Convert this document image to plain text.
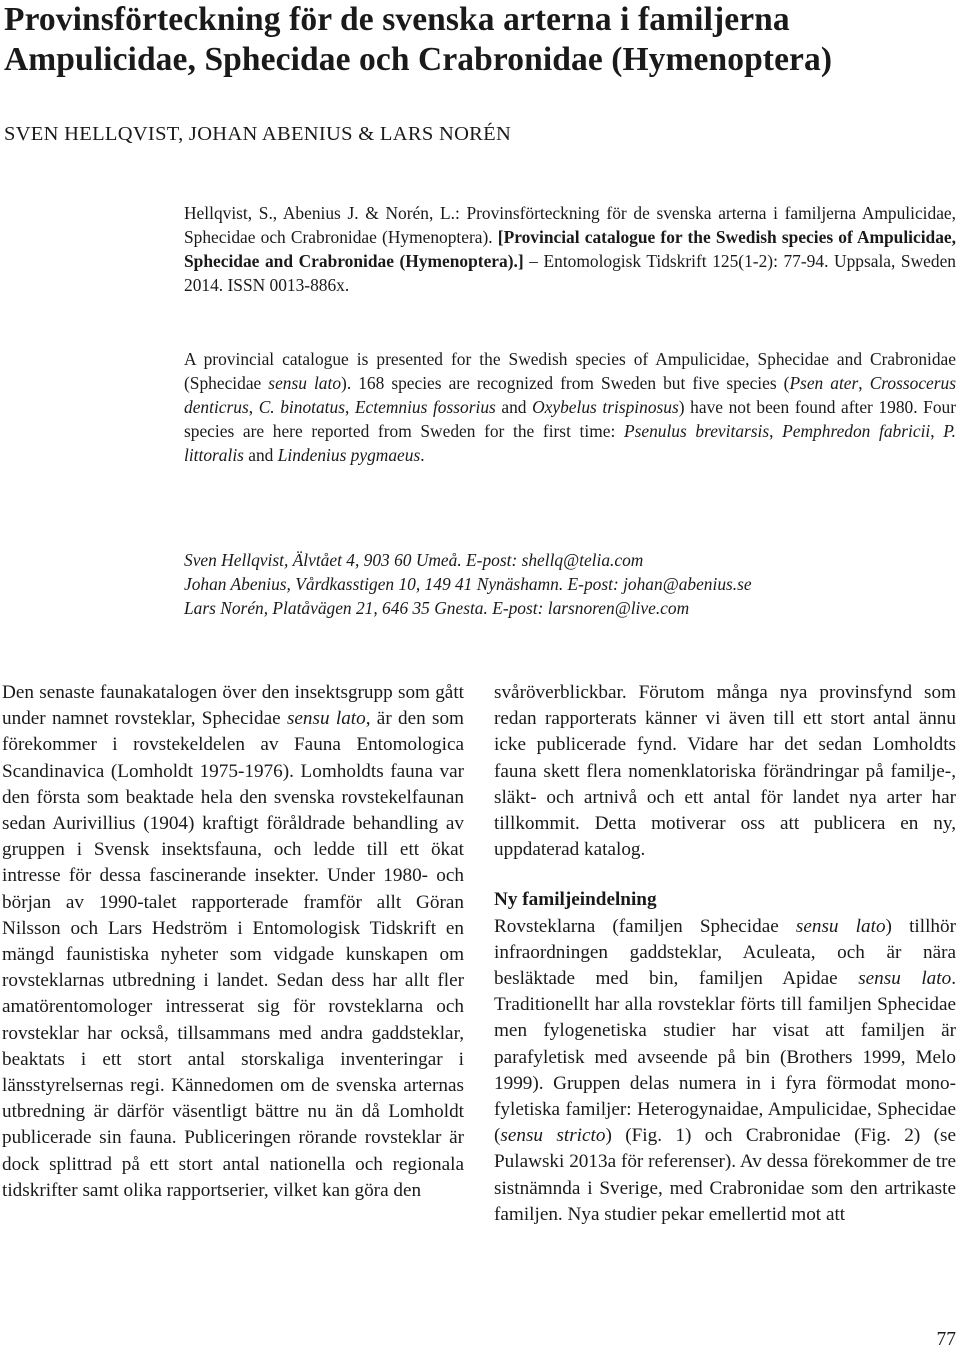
Provinsförteckning för de svenska arterna i familjerna Ampulicidae, Sphecidae och Crabronidae (Hymenoptera)
SVEN HELLQVIST, JOHAN ABENIUS & LARS NORÉN

Hellqvist, S., Abenius J. & Norén, L.: Provinsförteckning för de svenska arterna i familjerna Ampulicidae, Sphecidae och Crabronidae (Hymenoptera). [Provincial catalogue for the Swedish species of Ampulicidae, Sphecidae and Crabronidae (Hymenoptera).] – Entomologisk Tidskrift 125(1-2): 77-94. Uppsala, Sweden 2014. ISSN 0013-886x.

A provincial catalogue is presented for the Swedish species of Ampulicidae, Sphecidae and Crabronidae (Sphecidae sensu lato). 168 species are recognized from Sweden but five species (Psen ater, Crossocerus denticrus, C. binotatus, Ectemnius fossorius and Oxybelus trispinosus) have not been found after 1980. Four species are here reported from Sweden for the first time: Psenulus brevitarsis, Pemphredon fabricii, P. littoralis and Lindenius pygmaeus.

Sven Hellqvist, Älvtået 4, 903 60 Umeå. E-post: shellq@telia.com
Johan Abenius, Vårdkasstigen 10, 149 41 Nynäshamn. E-post: johan@abenius.se
Lars Norén, Platåvägen 21, 646 35 Gnesta. E-post: larsnoren@live.com

Den senaste faunakatalogen över den insektsgrupp som gått under namnet rovsteklar, Sphecidae sensu lato, är den som förekommer i rovstekeldelen av Fauna Entomologica Scandinavica (Lomholdt 1975-1976). Lomholdts fauna var den första som beaktade hela den svenska rovstekelfaunan sedan Aurivillius (1904) kraftigt föråldrade behandling av gruppen i Svensk insektsfauna, och ledde till ett ökat intresse för dessa fascinerande insekter. Under 1980- och början av 1990-talet rapporterade framför allt Göran Nilsson och Lars Hedström i Entomologisk Tidskrift en mängd faunistiska nyheter som vidgade kunskapen om rovsteklarnas utbredning i landet. Sedan dess har allt fler amatörentomologer intresserat sig för rovsteklarna och rovsteklar har också, tillsammans med andra gaddsteklar, beaktats i ett stort antal storskaliga inventeringar i länsstyrelsernas regi. Kännedomen om de svenska arternas utbredning är därför väsentligt bättre nu än då Lomholdt publicerade sin fauna. Publiceringen rörande rovsteklar är dock splittrad på ett stort antal nationella och regionala tidskrifter samt olika rapportserier, vilket kan göra den

svåröverblickbar. Förutom många nya provinsfynd som redan rapporterats känner vi även till ett stort antal ännu icke publicerade fynd. Vidare har det sedan Lomholdts fauna skett flera nomenklatoriska förändringar på familje-, släkt- och artnivå och ett antal för landet nya arter har tillkommit. Detta motiverar oss att publicera en ny, uppdaterad katalog.

Ny familjeindelning

Rovsteklarna (familjen Sphecidae sensu lato) tillhör infraordningen gaddsteklar, Aculeata, och är nära besläktade med bin, familjen Apidae sensu lato. Traditionellt har alla rovsteklar förts till familjen Sphecidae men fylogenetiska studier har visat att familjen är parafyletisk med avseende på bin (Brothers 1999, Melo 1999). Gruppen delas numera in i fyra förmodat monofyletiska familjer: Heterogynaidae, Ampulicidae, Sphecidae (sensu stricto) (Fig. 1) och Crabronidae (Fig. 2) (se Pulawski 2013a för referenser). Av dessa förekommer de tre sistnämnda i Sverige, med Crabronidae som den artrikaste familjen. Nya studier pekar emellertid mot att

77
